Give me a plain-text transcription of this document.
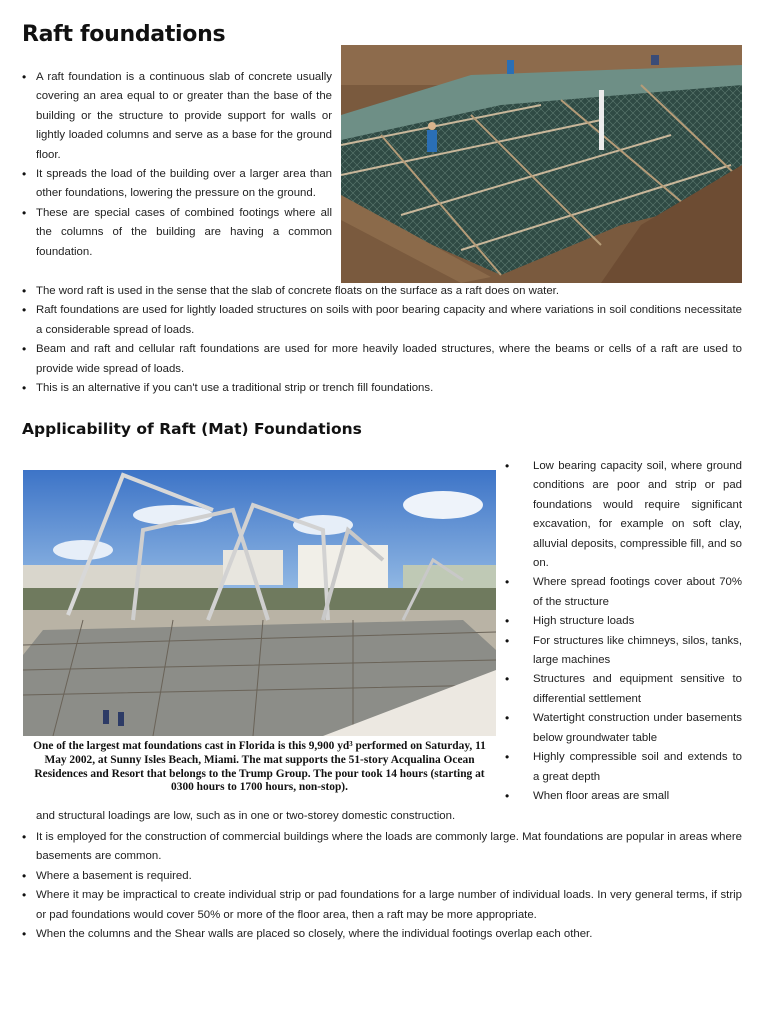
Raft foundations
• A raft foundation is a continuous slab of concrete usually covering an area equal to or greater than the base of the building or the structure to provide support for walls or lightly loaded columns and serve as a base for the ground floor.
• It spreads the load of the building over a larger area than other foundations, lowering the pressure on the ground.
• These are special cases of combined footings where all the columns of the building are having a common foundation.
• The word raft is used in the sense that the slab of concrete floats on the surface as a raft does on water.
• Raft foundations are used for lightly loaded structures on soils with poor bearing capacity and where variations in soil conditions necessitate a considerable spread of loads.
• Beam and raft and cellular raft foundations are used for more heavily loaded structures, where the beams or cells of a raft are used to provide wide spread of loads.
• This is an alternative if you can't use a traditional strip or trench fill foundations.
Applicability of Raft (Mat) Foundations
One of the largest mat foundations cast in Florida is this 9,900 yd³ performed on Saturday, 11 May 2002, at Sunny Isles Beach, Miami. The mat supports the 51-story Acqualina Ocean Residences and Resort that belongs to the Trump Group. The pour took 14 hours (starting at 0300 hours to 1700 hours, non-stop).
• Low bearing capacity soil, where ground conditions are poor and strip or pad foundations would require significant excavation, for example on soft clay, alluvial deposits, compressible fill, and so on.
• Where spread footings cover about 70% of the structure
• High structure loads
• For structures like chimneys, silos, tanks, large machines
• Structures and equipment sensitive to differential settlement
• Watertight construction under basements below groundwater table
• Highly compressible soil and extends to a great depth
• When floor areas are small
and structural loadings are low, such as in one or two-storey domestic construction.
• It is employed for the construction of commercial buildings where the loads are commonly large. Mat foundations are popular in areas where basements are common.
• Where a basement is required.
• Where it may be impractical to create individual strip or pad foundations for a large number of individual loads. In very general terms, if strip or pad foundations would cover 50% or more of the floor area, then a raft may be more appropriate.
• When the columns and the Shear walls are placed so closely, where the individual footings overlap each other.
